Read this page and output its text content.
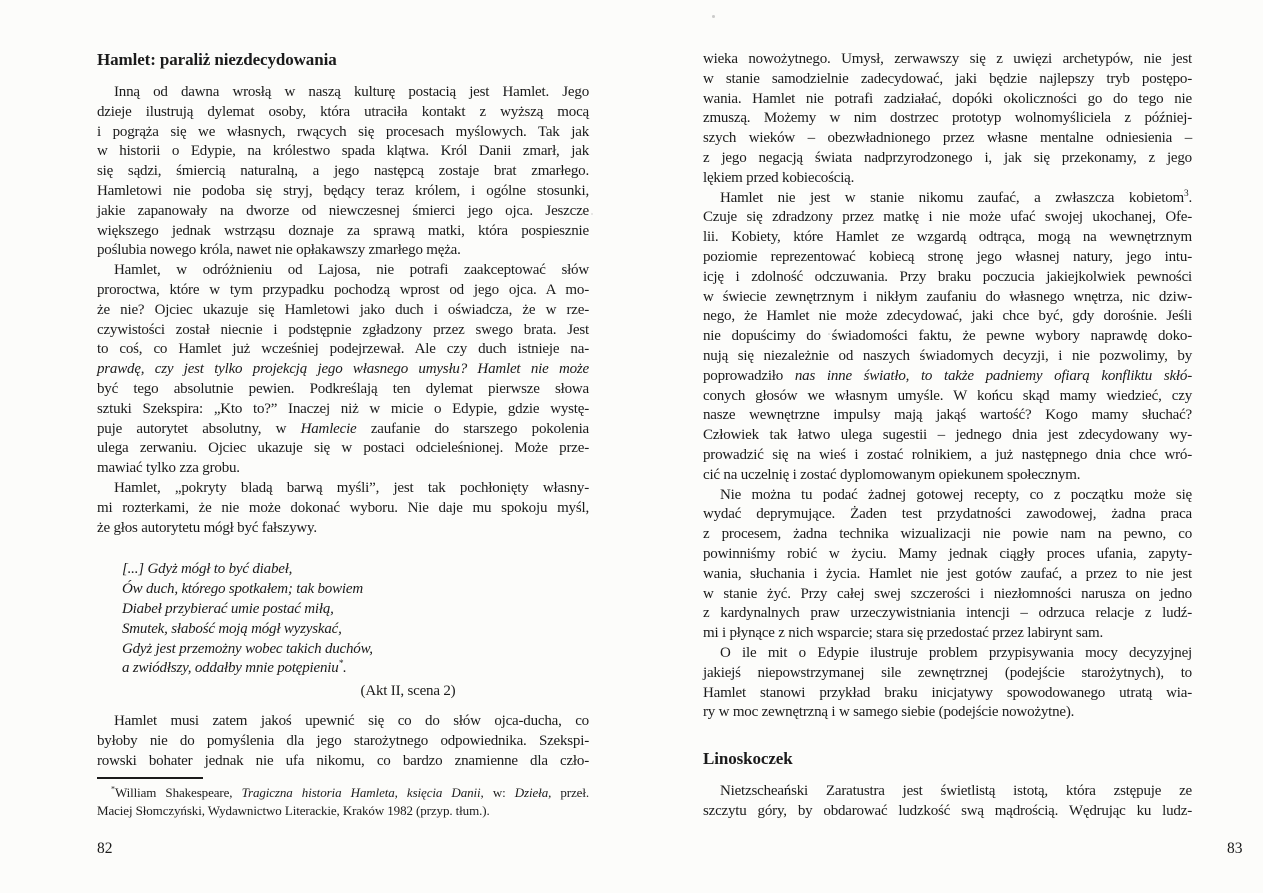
Hamlet: paraliż niezdecydowania
Inną od dawna wrosłą w naszą kulturę postacią jest Hamlet. Jego
dzieje ilustrują dylemat osoby, która utraciła kontakt z wyższą mocą
i pogrąża się we własnych, rwących się procesach myślowych. Tak jak
w historii o Edypie, na królestwo spada klątwa. Król Danii zmarł, jak
się sądzi, śmiercią naturalną, a jego następcą zostaje brat zmarłego.
Hamletowi nie podoba się stryj, będący teraz królem, i ogólne stosunki,
jakie zapanowały na dworze od niewczesnej śmierci jego ojca. Jeszcze
większego jednak wstrząsu doznaje za sprawą matki, która pospiesznie
poślubia nowego króla, nawet nie opłakawszy zmarłego męża.
Hamlet, w odróżnieniu od Lajosa, nie potrafi zaakceptować słów
proroctwa, które w tym przypadku pochodzą wprost od jego ojca. A mo-
że nie? Ojciec ukazuje się Hamletowi jako duch i oświadcza, że w rze-
czywistości został niecnie i podstępnie zgładzony przez swego brata. Jest
to coś, co Hamlet już wcześniej podejrzewał. Ale czy duch istnieje na-
prawdę, czy jest tylko projekcją jego własnego umysłu? Hamlet nie może
być tego absolutnie pewien. Podkreślają ten dylemat pierwsze słowa
sztuki Szekspira: „Kto to?” Inaczej niż w micie o Edypie, gdzie wystę-
puje autorytet absolutny, w Hamlecie zaufanie do starszego pokolenia
ulega zerwaniu. Ojciec ukazuje się w postaci odcieleśnionej. Może prze-
mawiać tylko zza grobu.
Hamlet, „pokryty bladą barwą myśli”, jest tak pochłonięty własny-
mi rozterkami, że nie może dokonać wyboru. Nie daje mu spokoju myśl,
że głos autorytetu mógł być fałszywy.
[...] Gdyż mógł to być diabeł,
Ów duch, którego spotkałem; tak bowiem
Diabeł przybierać umie postać miłą,
Smutek, słabość moją mógł wyzyskać,
Gdyż jest przemożny wobec takich duchów,
a zwiódłszy, oddałby mnie potępieniu*.
(Akt II, scena 2)
Hamlet musi zatem jakoś upewnić się co do słów ojca-ducha, co
byłoby nie do pomyślenia dla jego starożytnego odpowiednika. Szekspi-
rowski bohater jednak nie ufa nikomu, co bardzo znamienne dla czło-
*William Shakespeare, Tragiczna historia Hamleta, księcia Danii, w: Dzieła, przeł.
Maciej Słomczyński, Wydawnictwo Literackie, Kraków 1982 (przyp. tłum.).
wieka nowożytnego. Umysł, zerwawszy się z uwięzi archetypów, nie jest
w stanie samodzielnie zadecydować, jaki będzie najlepszy tryb postępo-
wania. Hamlet nie potrafi zadziałać, dopóki okoliczności go do tego nie
zmuszą. Możemy w nim dostrzec prototyp wolnomyśliciela z później-
szych wieków – obezwładnionego przez własne mentalne odniesienia –
z jego negacją świata nadprzyrodzonego i, jak się przekonamy, z jego
lękiem przed kobiecością.
Hamlet nie jest w stanie nikomu zaufać, a zwłaszcza kobietom$^3$.
Czuje się zdradzony przez matkę i nie może ufać swojej ukochanej, Ofe-
lii. Kobiety, które Hamlet ze wzgardą odtrąca, mogą na wewnętrznym
poziomie reprezentować kobiecą stronę jego własnej natury, jego intu-
icję i zdolność odczuwania. Przy braku poczucia jakiejkolwiek pewności
w świecie zewnętrznym i nikłym zaufaniu do własnego wnętrza, nic dziw-
nego, że Hamlet nie może zdecydować, jaki chce być, gdy dorośnie. Jeśli
nie dopuścimy do świadomości faktu, że pewne wybory naprawdę doko-
nują się niezależnie od naszych świadomych decyzji, i nie pozwolimy, by
poprowadziło nas inne światło, to także padniemy ofiarą konfliktu skłó-
conych głosów we własnym umyśle. W końcu skąd mamy wiedzieć, czy
nasze wewnętrzne impulsy mają jakąś wartość? Kogo mamy słuchać?
Człowiek tak łatwo ulega sugestii – jednego dnia jest zdecydowany wy-
prowadzić się na wieś i zostać rolnikiem, a już następnego dnia chce wró-
cić na uczelnię i zostać dyplomowanym opiekunem społecznym.
Nie można tu podać żadnej gotowej recepty, co z początku może się
wydać deprymujące. Żaden test przydatności zawodowej, żadna praca
z procesem, żadna technika wizualizacji nie powie nam na pewno, co
powinniśmy robić w życiu. Mamy jednak ciągły proces ufania, zapyty-
wania, słuchania i życia. Hamlet nie jest gotów zaufać, a przez to nie jest
w stanie żyć. Przy całej swej szczerości i niezłomności narusza on jedno
z kardynalnych praw urzeczywistniania intencji – odrzuca relacje z ludź-
mi i płynące z nich wsparcie; stara się przedostać przez labirynt sam.
O ile mit o Edypie ilustruje problem przypisywania mocy decyzyjnej
jakiejś niepowstrzymanej sile zewnętrznej (podejście starożytnych), to
Hamlet stanowi przykład braku inicjatywy spowodowanego utratą wia-
ry w moc zewnętrzną i w samego siebie (podejście nowożytne).
Linoskoczek
Nietzscheański Zaratustra jest świetlistą istotą, która zstępuje ze
szczytu góry, by obdarować ludzkość swą mądrością. Wędrując ku ludz-
82	83
